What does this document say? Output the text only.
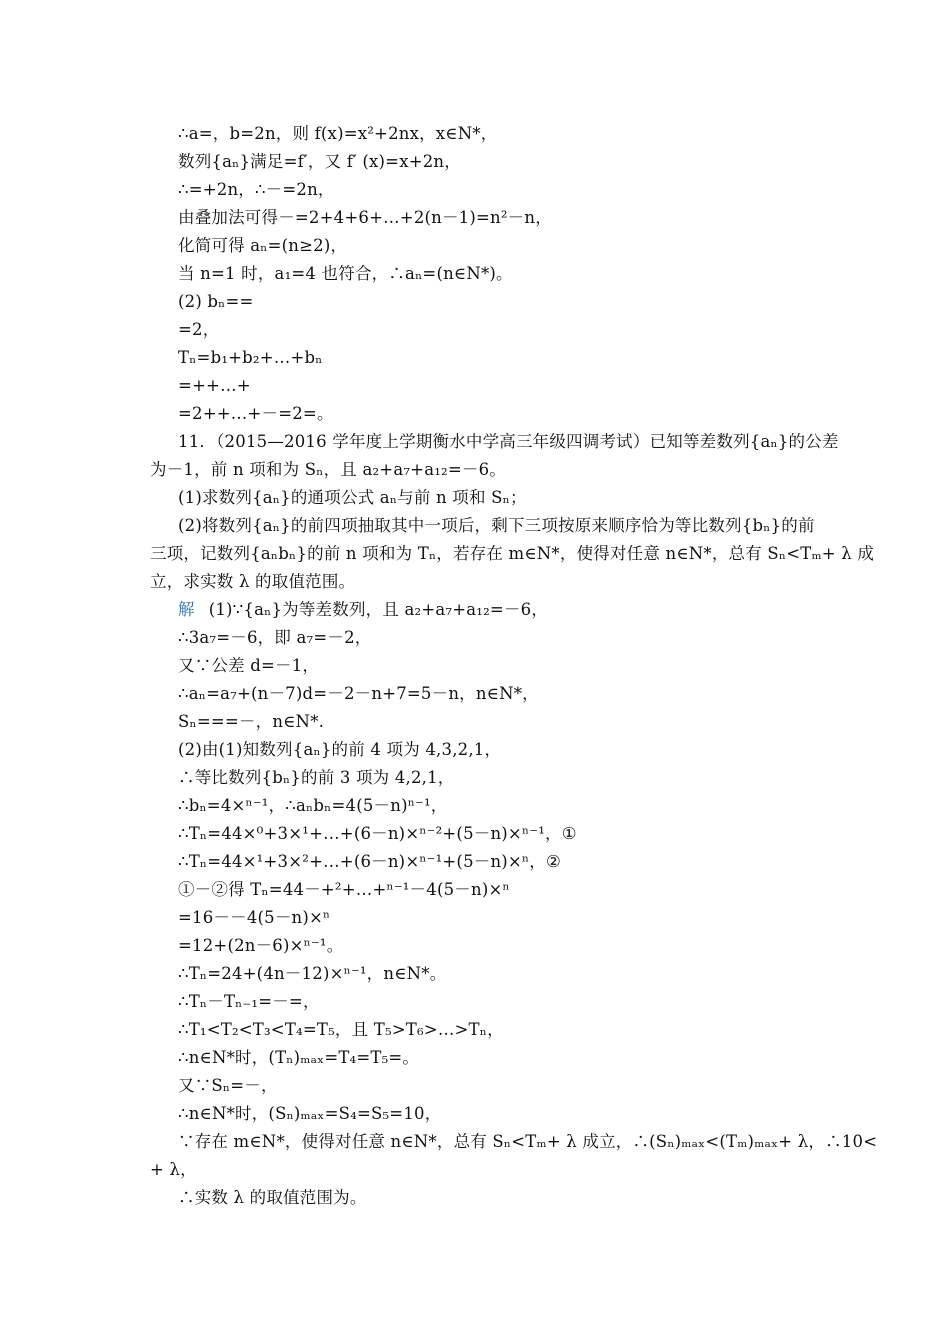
∴a=，b=2n，则 f(x)=x²+2nx，x∈N*，
数列{aₙ}满足=f′，又 f′ (x)=x+2n，
∴=+2n，∴－=2n，
由叠加法可得－=2+4+6+…+2(n－1)=n²－n，
化简可得 aₙ=(n≥2)，
当 n=1 时，a₁=4 也符合，∴aₙ=(n∈N*)。
(2) bₙ==
=2，
Tₙ=b₁+b₂+…+bₙ
=++…+
=2++…+－=2=。
11．（2015—2016 学年度上学期衡水中学高三年级四调考试）已知等差数列{aₙ}的公差
为－1，前 n 项和为 Sₙ，且 a₂+a₇+a₁₂=－6。
(1)求数列{aₙ}的通项公式 aₙ与前 n 项和 Sₙ；
(2)将数列{aₙ}的前四项抽取其中一项后，剩下三项按原来顺序恰为等比数列{bₙ}的前
三项，记数列{aₙbₙ}的前 n 项和为 Tₙ，若存在 m∈N*，使得对任意 n∈N*，总有 Sₙ<Tₘ+ λ 成
立，求实数 λ 的取值范围。
解 (1)∵{aₙ}为等差数列，且 a₂+a₇+a₁₂=－6，
∴3a₇=－6，即 a₇=－2，
又∵公差 d=－1，
∴aₙ=a₇+(n－7)d=－2－n+7=5－n，n∈N*，
Sₙ===－，n∈N*.
(2)由(1)知数列{aₙ}的前 4 项为 4,3,2,1，
∴等比数列{bₙ}的前 3 项为 4,2,1，
∴bₙ=4×ⁿ⁻¹，∴aₙbₙ=4(5－n)ⁿ⁻¹，
∴Tₙ=44×⁰+3×¹+…+(6－n)×ⁿ⁻²+(5－n)×ⁿ⁻¹，①
∴Tₙ=44×¹+3×²+…+(6－n)×ⁿ⁻¹+(5－n)×ⁿ，②
①－②得 Tₙ=44－+²+…+ⁿ⁻¹－4(5－n)×ⁿ
=16－－4(5－n)×ⁿ
=12+(2n－6)×ⁿ⁻¹。
∴Tₙ=24+(4n－12)×ⁿ⁻¹，n∈N*。
∴Tₙ－Tₙ₋₁=－=，
∴T₁<T₂<T₃<T₄=T₅，且 T₅>T₆>…>Tₙ，
∴n∈N*时，(Tₙ)ₘₐₓ=T₄=T₅=。
又∵Sₙ=－，
∴n∈N*时，(Sₙ)ₘₐₓ=S₄=S₅=10，
∵存在 m∈N*，使得对任意 n∈N*，总有 Sₙ<Tₘ+ λ 成立，∴(Sₙ)ₘₐₓ<(Tₘ)ₘₐₓ+ λ，∴10<
+ λ，
∴实数 λ 的取值范围为。
